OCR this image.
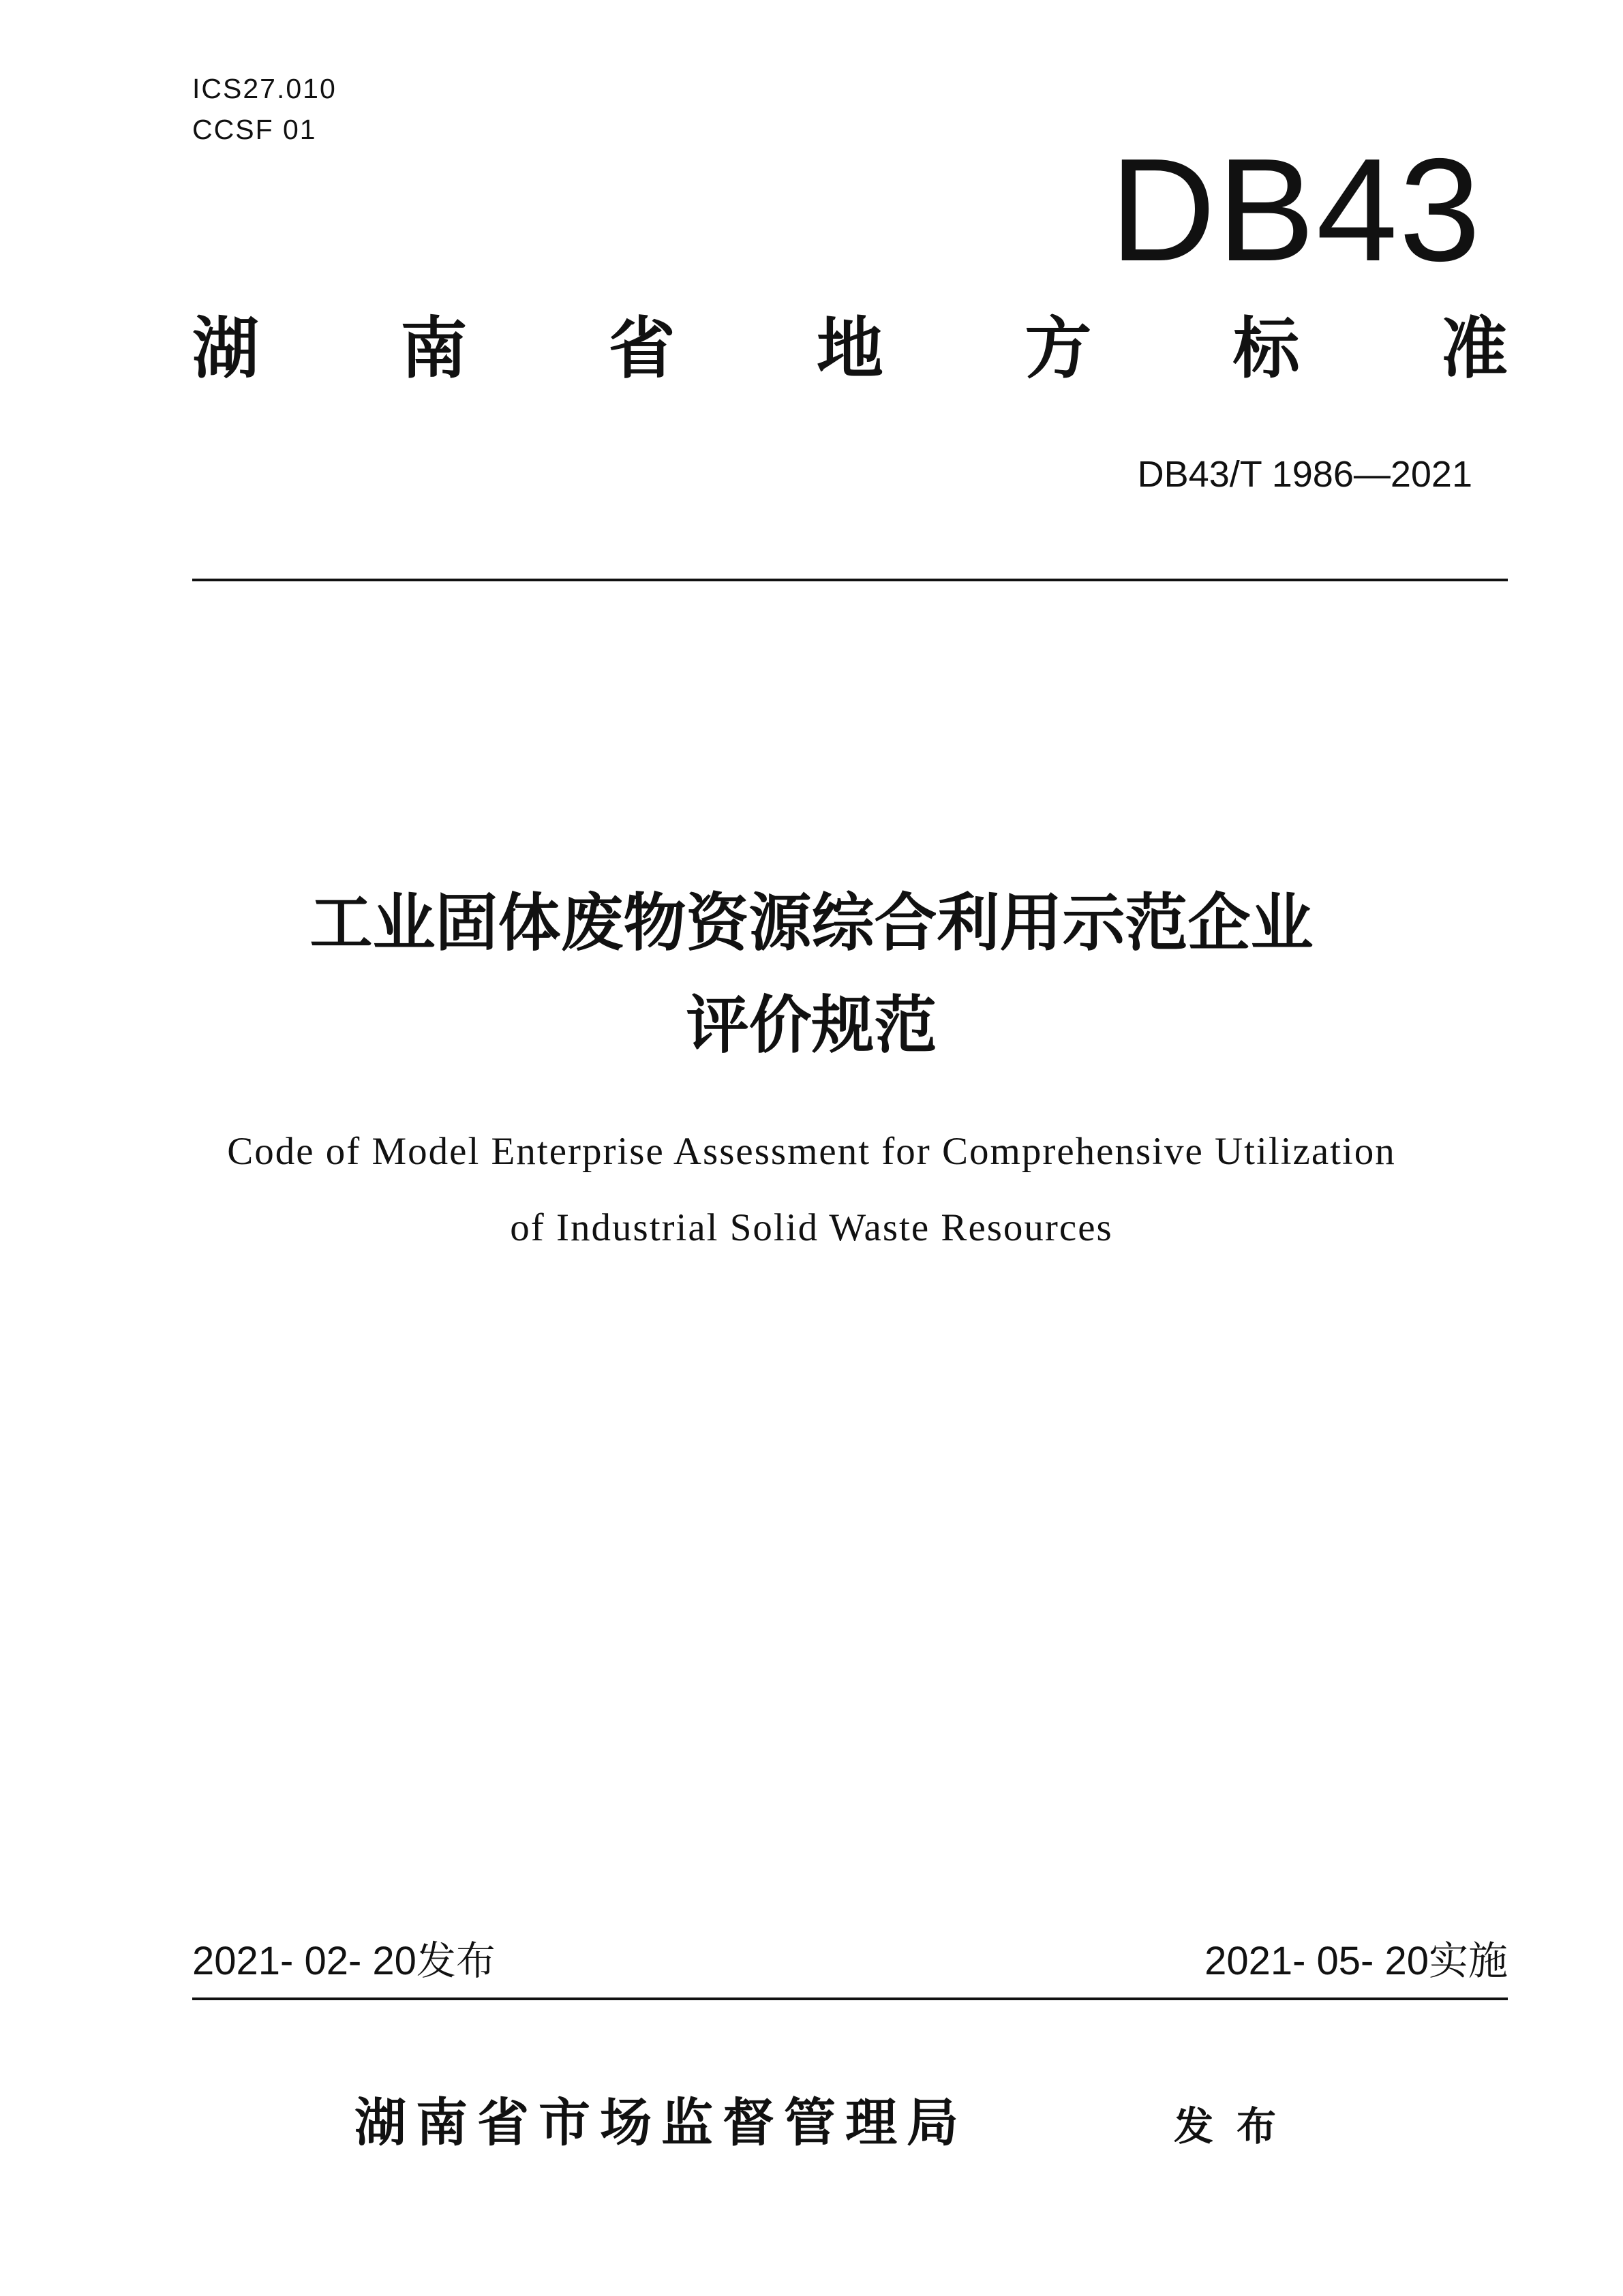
ICS27.010
CCSF 01	DB43
湖 南 省 地 方 标 准
DB43/T 1986—2021
工业固体废物资源综合利用示范企业
评价规范
Code of Model Enterprise Assessment for Comprehensive Utilization
of Industrial Solid Waste Resources
2021- 02- 20发布	2021- 05- 20实施
湖南省市场监督管理局	发布
